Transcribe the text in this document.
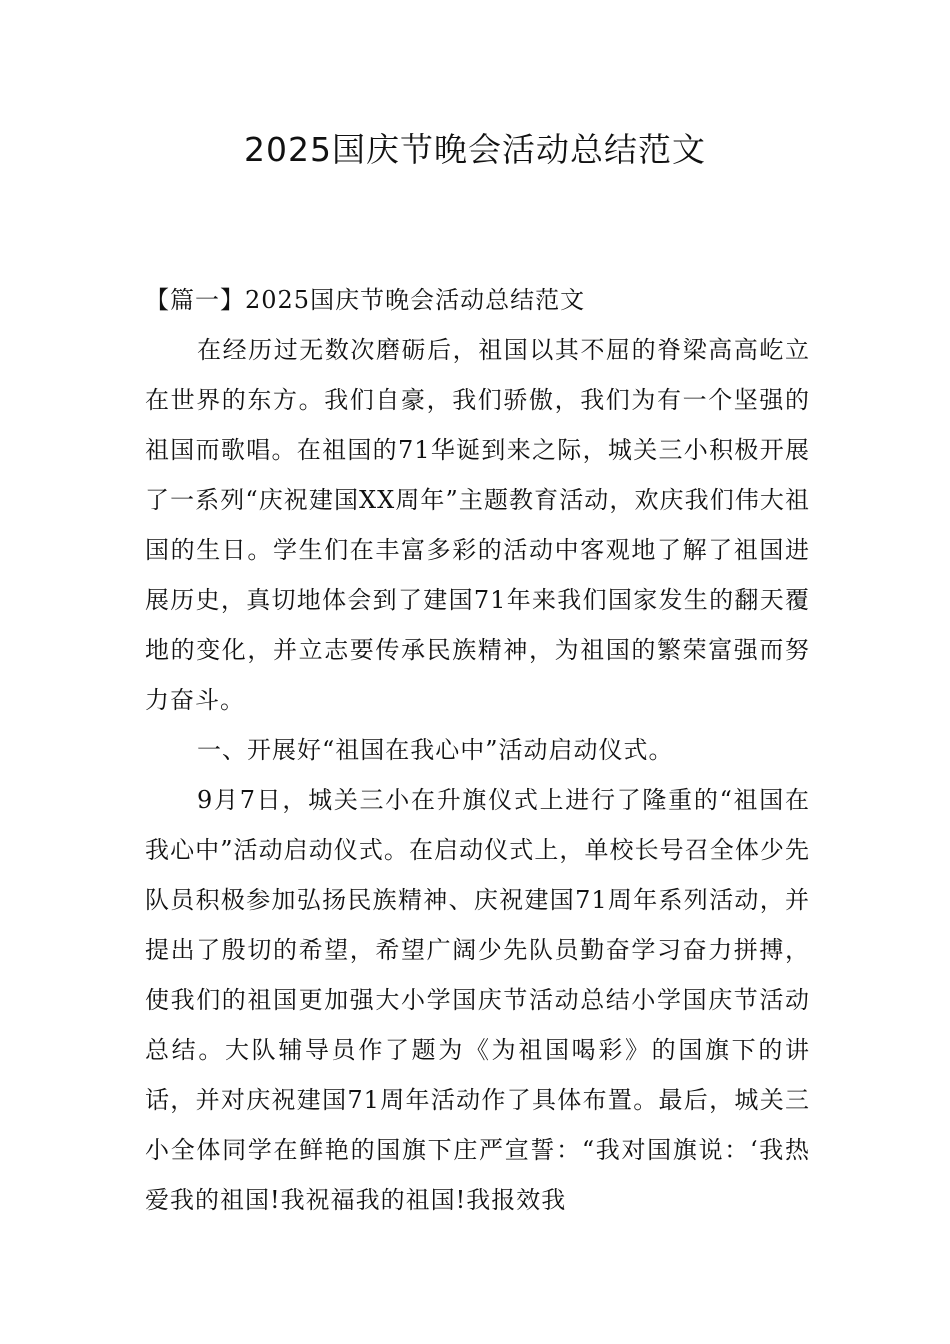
2025国庆节晚会活动总结范文
【篇一】2025国庆节晚会活动总结范文

在经历过无数次磨砺后，祖国以其不屈的脊梁高高屹立在世界的东方。我们自豪，我们骄傲，我们为有一个坚强的祖国而歌唱。在祖国的71华诞到来之际，城关三小积极开展了一系列“庆祝建国XX周年”主题教育活动，欢庆我们伟大祖国的生日。学生们在丰富多彩的活动中客观地了解了祖国进展历史，真切地体会到了建国71年来我们国家发生的翻天覆地的变化，并立志要传承民族精神，为祖国的繁荣富强而努力奋斗。

一、开展好“祖国在我心中”活动启动仪式。

9月7日，城关三小在升旗仪式上进行了隆重的“祖国在我心中”活动启动仪式。在启动仪式上，单校长号召全体少先队员积极参加弘扬民族精神、庆祝建国71周年系列活动，并提出了殷切的希望，希望广阔少先队员勤奋学习奋力拼搏，使我们的祖国更加强大小学国庆节活动总结小学国庆节活动总结。大队辅导员作了题为《为祖国喝彩》的国旗下的讲话，并对庆祝建国71周年活动作了具体布置。最后，城关三小全体同学在鲜艳的国旗下庄严宣誓：“我对国旗说：‘我热爱我的祖国!我祝福我的祖国!我报效我
